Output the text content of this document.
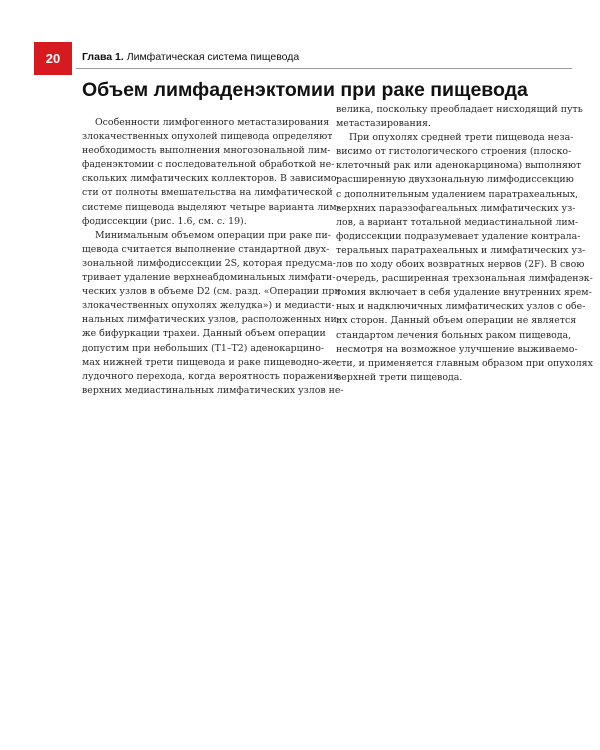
20 Глава 1. Лимфатическая система пищевода
Объем лимфаденэктомии при раке пищевода
Особенности лимфогенного метастазирования
злокачественных опухолей пищевода определяют
необходимость выполнения многозональной лим-
фаденэктомии с последовательной обработкой не-
скольких лимфатических коллекторов. В зависимо-
сти от полноты вмешательства на лимфатической
системе пищевода выделяют четыре варианта лим-
фодиссекции (рис. 1.6, см. с. 19).
Минимальным объемом операции при раке пи-
щевода считается выполнение стандартной двух-
зональной лимфодиссекции 2S, которая предусма-
тривает удаление верхнеабдоминальных лимфати-
ческих узлов в объеме D2 (см. разд. «Операции при
злокачественных опухолях желудка») и медиасти-
нальных лимфатических узлов, расположенных ни-
же бифуркации трахеи. Данный объем операции
допустим при небольших (T1–T2) аденокарцино-
мах нижней трети пищевода и раке пищеводно-же-
лудочного перехода, когда вероятность поражения
верхних медиастинальных лимфатических узлов не-
велика, поскольку преобладает нисходящий путь
метастазирования.
При опухолях средней трети пищевода неза-
висимо от гистологического строения (плоско-
клеточный рак или аденокарцинома) выполняют
расширенную двухзональную лимфодиссекцию
с дополнительным удалением паратрахеальных,
верхних параэзофагеальных лимфатических уз-
лов, а вариант тотальной медиастинальной лим-
фодиссекции подразумевает удаление контрала-
теральных паратрахеальных и лимфатических уз-
лов по ходу обоих возвратных нервов (2F). В свою
очередь, расширенная трехзональная лимфаденэк-
томия включает в себя удаление внутренних ярем-
ных и надключичных лимфатических узлов с обе-
их сторон. Данный объем операции не является
стандартом лечения больных раком пищевода,
несмотря на возможное улучшение выживаемо-
сти, и применяется главным образом при опухолях
верхней трети пищевода.
